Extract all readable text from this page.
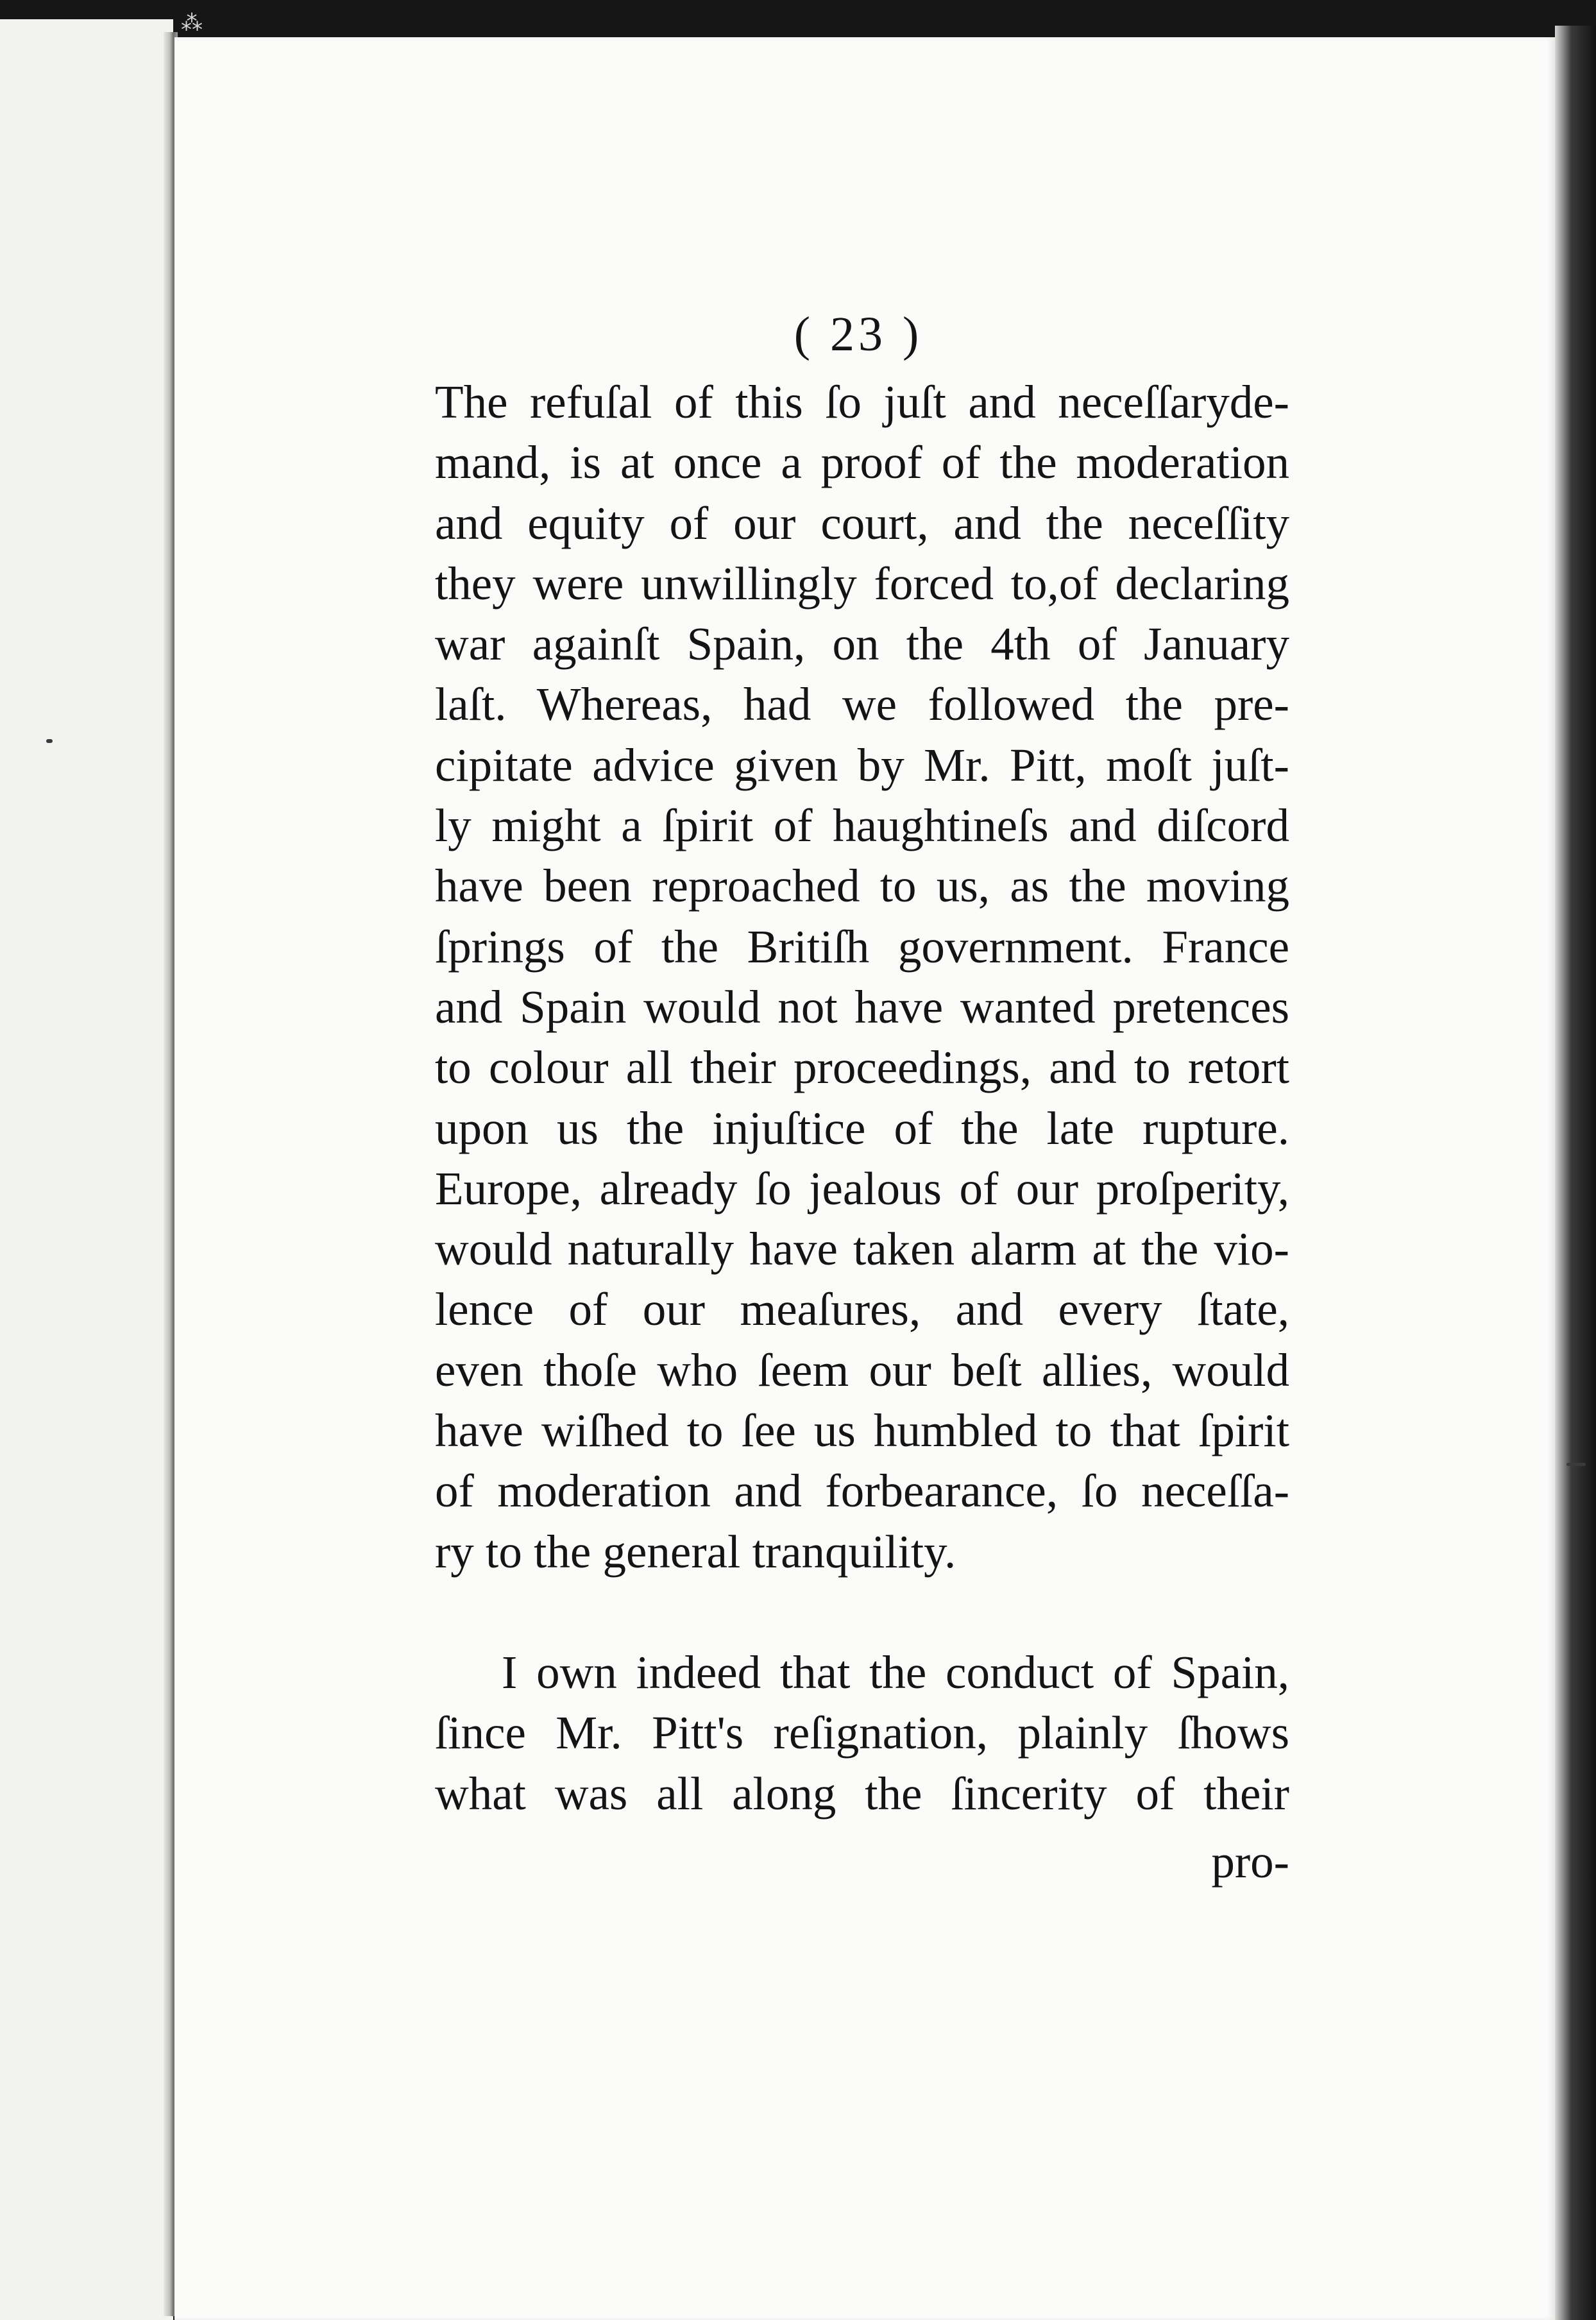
⁂
( 23 )
The refuſal of this ſo juſt and neceſſaryde-
mand, is at once a proof of the moderation
and equity of our court, and the neceſſity
they were unwillingly forced to,of declaring
war againſt Spain, on the 4th of January
laſt. Whereas, had we followed the pre-
cipitate advice given by Mr. Pitt, moſt juſt-
ly might a ſpirit of haughtineſs and diſcord
have been reproached to us, as the moving
ſprings of the Britiſh government. France
and Spain would not have wanted pretences
to colour all their proceedings, and to retort
upon us the injuſtice of the late rupture.
Europe, already ſo jealous of our proſperity,
would naturally have taken alarm at the vio-
lence of our meaſures, and every ſtate,
even thoſe who ſeem our beſt allies, would
have wiſhed to ſee us humbled to that ſpirit
of moderation and forbearance, ſo neceſſa-
ry to the general tranquility.
I own indeed that the conduct of Spain,
ſince Mr. Pitt's reſignation, plainly ſhows
what was all along the ſincerity of their
pro-
